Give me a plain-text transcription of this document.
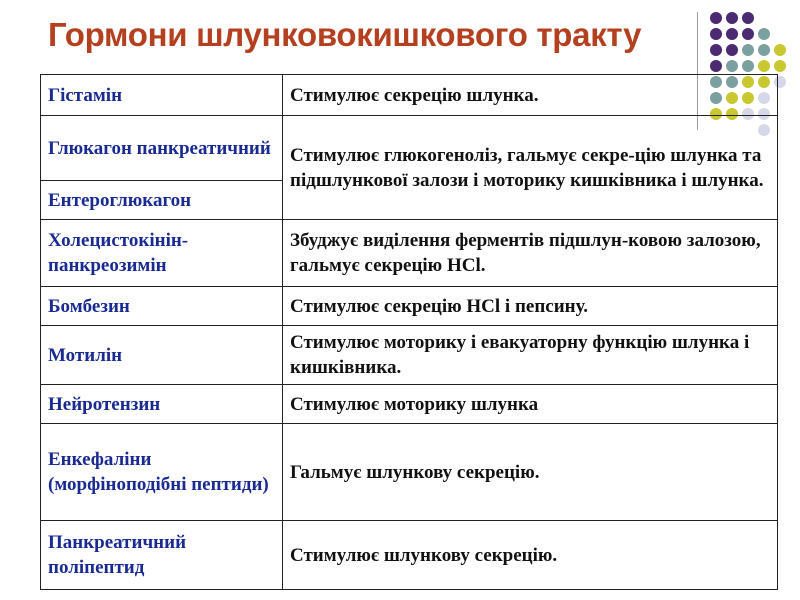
Гормони шлунковокишкового тракту
Гістамін	Стимулює секрецію шлунка.
Глюкагон панкреатичний	Стимулює глюкогеноліз, гальмує секре-цію шлунка та підшлункової залози і моторику кишківника і шлунка.
Ентероглюкагон	
Холецистокінін-панкреозимін	Збуджує виділення ферментів підшлун-ковою залозою, гальмує секрецію HCl.
Бомбезин	Стимулює секрецію HCl і пепсину.
Мотилін	Стимулює моторику і евакуаторну функцію шлунка і кишківника.
Нейротензин	Стимулює моторику шлунка
Енкефаліни (морфіноподібні пептиди)	Гальмує шлункову секрецію.
Панкреатичний поліпептид	Стимулює шлункову секрецію.
